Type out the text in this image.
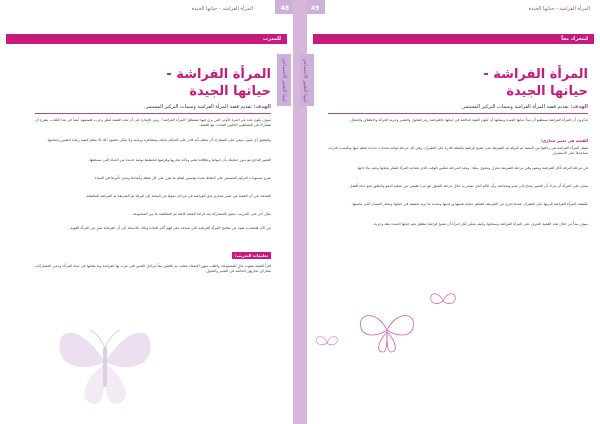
المرأة الفراشة - حياتها الجيدة	48
للمدرب
ليبيا التغيير الاجتماعي
المرأة الفراشة -
حياتها الجيدة
الهدف: تقديم قصة المرأة الفراشة وسمات التركيز المستمر.
سوف تكون هذه هي المرة الأولى التي يرى فيها مصطلح "المرأة الفراشة". ومن الإشارة إلى أن هذه القصة تُنظر وجرت قصصهم أيضاً في هذا الكتاب. يقترح أن تتشارك في النشاطين التاليين التحدث مع القصة.
ولتحقيق أي تغيير، ينبغي على المشارك أن يتعلم بأنه قادر على التحكم بحياته ومشاعره ورغبته ولا يمكن تحقيق ذلك إلا بتعلم كيفية رعاية النفس وحمايتها.
التغيير الناجح هو بدور حمايتك بأن حيواتنا وعلاقاتنا تتغير ونأخذ تجاربها وفرصها لتخطيط نوعية جديدة من الحياة التي نستحقها.
شرح مستويات التركيز المستمر على النقاط بحيث تؤسس لتعلم ما يقرر على كل نقطة وأبعادها ومدى تأثيرها في النساء.
القناعة: هي أن القصة هي تعبير مجازي لدى الفراشة في مراحل نموها من البيضة إلى اليرقة ثم الشرنقة ثم الفراشة المكتملة.
مثال آخر على التدريب: ننصح بالمشاركة بعد قراءة القصة كاملة ثم المناقشة ما بين المجموعة.
من الآن فلنتحدث بقوة عن مفاتيح المرأة الفراشة التي تساعد على فهم أكثر للمادة وذلك بالاستناد إلى أن الفراشة تعبر عن المرأة القوية.
تعليمات التدريب:
اقرأ القصة بصوت عالٍ للمجموعة، واطلب منهن الإصغاء بعناية، ثم ناقشن معاً مراحل التغيير التي مرت بها الفراشة وما يقابلها في حياة المرأة، ودعي المشاركات يشاركن تجاربهن الخاصة في التغيير والتحول.
49	المرأة الفراشة - حياتها الجيدة
لنتحرك معاً
ليبيا التغيير الاجتماعي	المرأة الفراشة -
حياتها الجيدة
الهدف: تقديم قصة المرأة الفراشة وسمات التركيز المستمر.
تذكرون أن المرأة الفراشة تستطيع أن تبدأ حياتها الجيدة ويمكنها أن تكون القوة الدافعة في حياتها، فالفراشة رمز للتحول والتغيير وحرية الحركة والانطلاق والجمال.
القصة هي تعبير مجازي:
تنتقل المرأة الفراشة في رحلتها من البيضة ثم اليرقة ثم الشرنقة حتى تصبح فراشة مكتملة قادرة على الطيران. وفي كل مرحلة تواجه تحديات جديدة تتعلم منها وتكتسب قدرات تساعدها على الاستمرار.
في مرحلة اليرقة تأكل الفراشة وتنمو، وفي مرحلة الشرنقة تنعزل وتتحول ببطء، وهذه المرحلة تعكس الوقت الذي تحتاجه المرأة لتفكر بحياتها وتعيد بناء ذاتها.
ينبغي على المرأة أن تدرك أن التغيير يحتاج إلى صبر وشجاعة، وأن الألم الذي تشعر به خلال مرحلة التحول هو جزء طبيعي من عملية النمو والتطور نحو حياة أفضل.
تكتشف المرأة الفراشة قدرتها على الطيران عندما تخرج من الشرنقة، فتتعلم حماية نفسها ورعايتها وتحديد ما تريد تحقيقه في حياتها، وتختار المسار الذي يناسبها.
سوف نبدأ من خلال هذه القصة التعرف على المرأة الفراشة وسماتها، وكيف يمكن لكل امرأة أن تصبح فراشة تنطلق نحو حياتها الجيدة بثقة وحرية.
